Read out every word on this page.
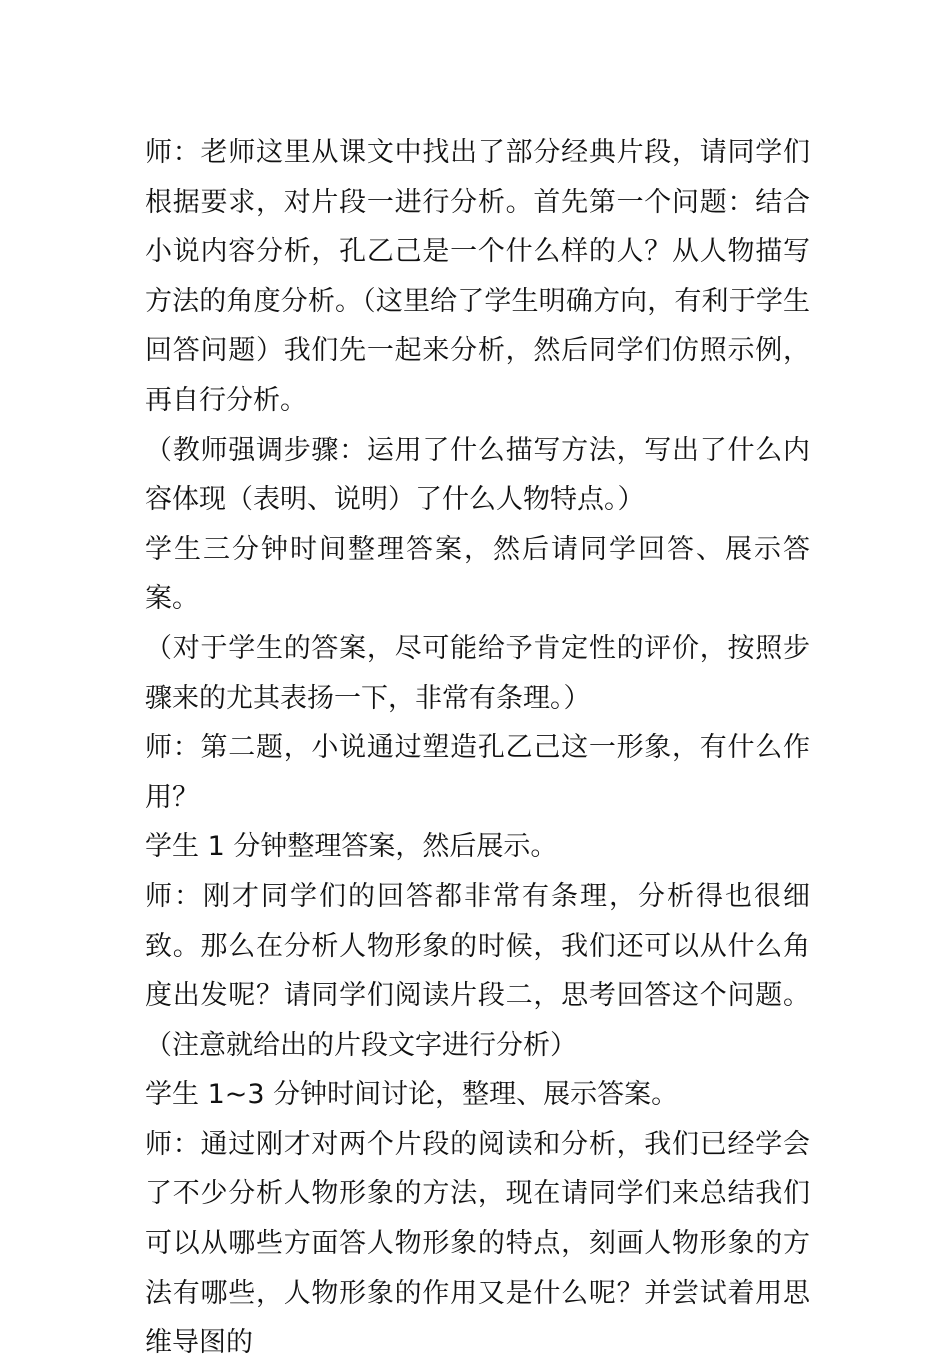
师：老师这里从课文中找出了部分经典片段，请同学们根据要求，对片段一进行分析。首先第一个问题：结合小说内容分析，孔乙己是一个什么样的人？从人物描写方法的角度分析。（这里给了学生明确方向，有利于学生回答问题）我们先一起来分析，然后同学们仿照示例，再自行分析。

（教师强调步骤：运用了什么描写方法，写出了什么内容体现（表明、说明）了什么人物特点。）

学生三分钟时间整理答案，然后请同学回答、展示答案。

（对于学生的答案，尽可能给予肯定性的评价，按照步骤来的尤其表扬一下，非常有条理。）

师：第二题，小说通过塑造孔乙己这一形象，有什么作用？

学生 1 分钟整理答案，然后展示。

师：刚才同学们的回答都非常有条理，分析得也很细致。那么在分析人物形象的时候，我们还可以从什么角度出发呢？请同学们阅读片段二，思考回答这个问题。（注意就给出的片段文字进行分析）

学生 1~3 分钟时间讨论，整理、展示答案。

师：通过刚才对两个片段的阅读和分析，我们已经学会了不少分析人物形象的方法，现在请同学们来总结我们可以从哪些方面答人物形象的特点，刻画人物形象的方法有哪些，人物形象的作用又是什么呢？并尝试着用思维导图的
